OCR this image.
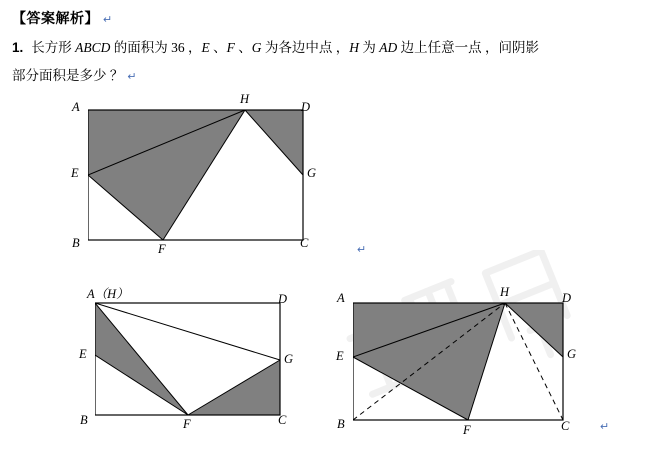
【答案解析】 ↵
1. 长方形 ABCD 的面积为 36 ，E 、F 、G 为各边中点 ，H 为 AD 边上任意一点 ，问阴影
部分面积是多少 ？ ↵
A
B	C
D
E
F
G
H
A（H）
B	C
D
E
F
G
A
B	C
D
E
F
G
H
↵
↵
